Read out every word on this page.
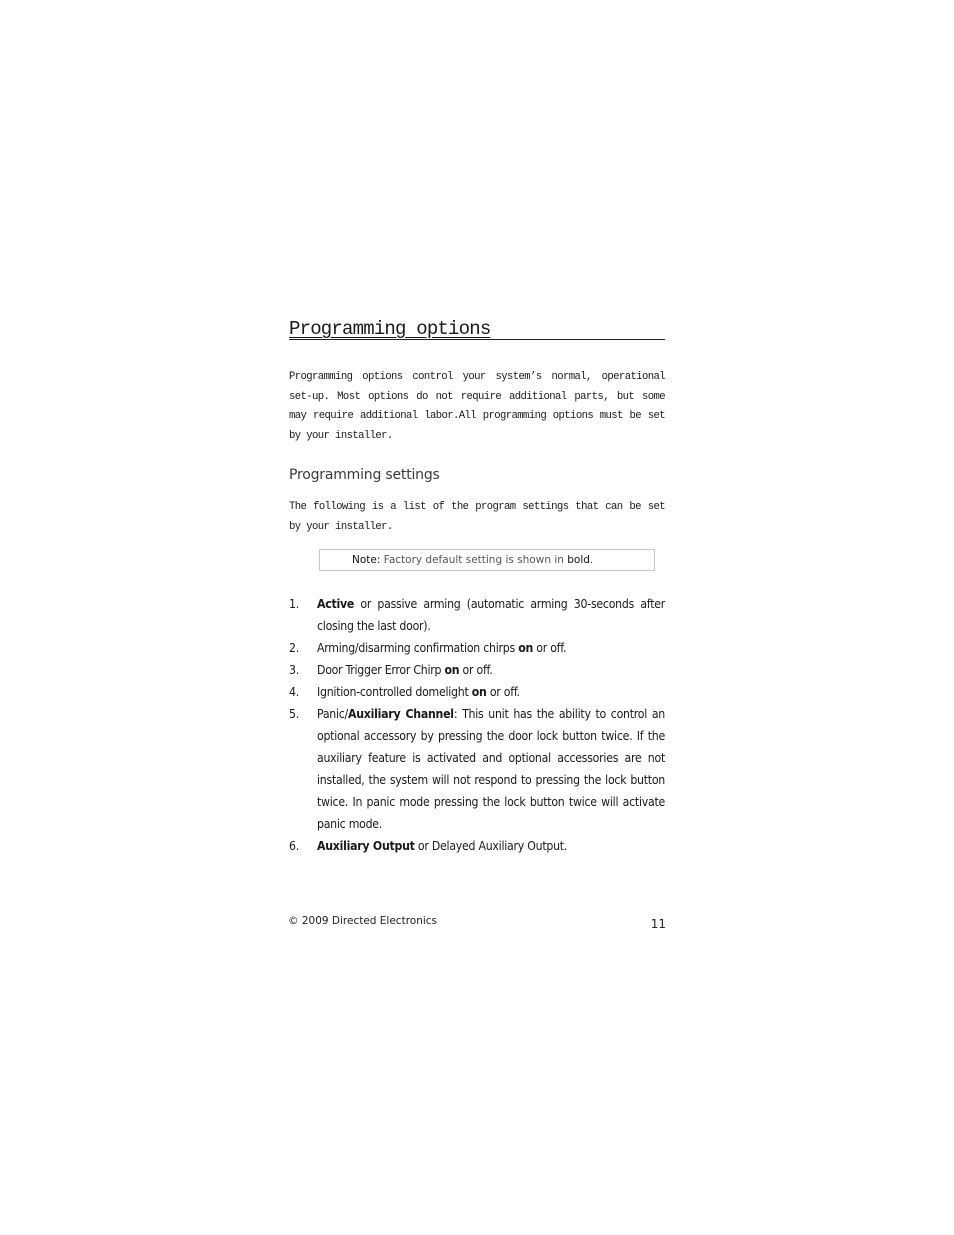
Programming options

Programming options control your system’s normal, operational set-up. Most options do not require additional parts, but some may require additional labor.All programming options must be set by your installer.

Programming settings

The following is a list of the program settings that can be set by your installer.

Note: Factory default setting is shown in bold.
1. Active or passive arming (automatic arming 30-seconds after closing the last door).
2. Arming/disarming confirmation chirps on or off.
3. Door Trigger Error Chirp on or off.
4. Ignition-controlled domelight on or off.
5. Panic/Auxiliary Channel: This unit has the ability to control an optional accessory by pressing the door lock button twice. If the auxiliary feature is activated and optional accessories are not installed, the system will not respond to pressing the lock button twice. In panic mode pressing the lock button twice will activate panic mode.
6. Auxiliary Output or Delayed Auxiliary Output.
© 2009 Directed Electronics	11
